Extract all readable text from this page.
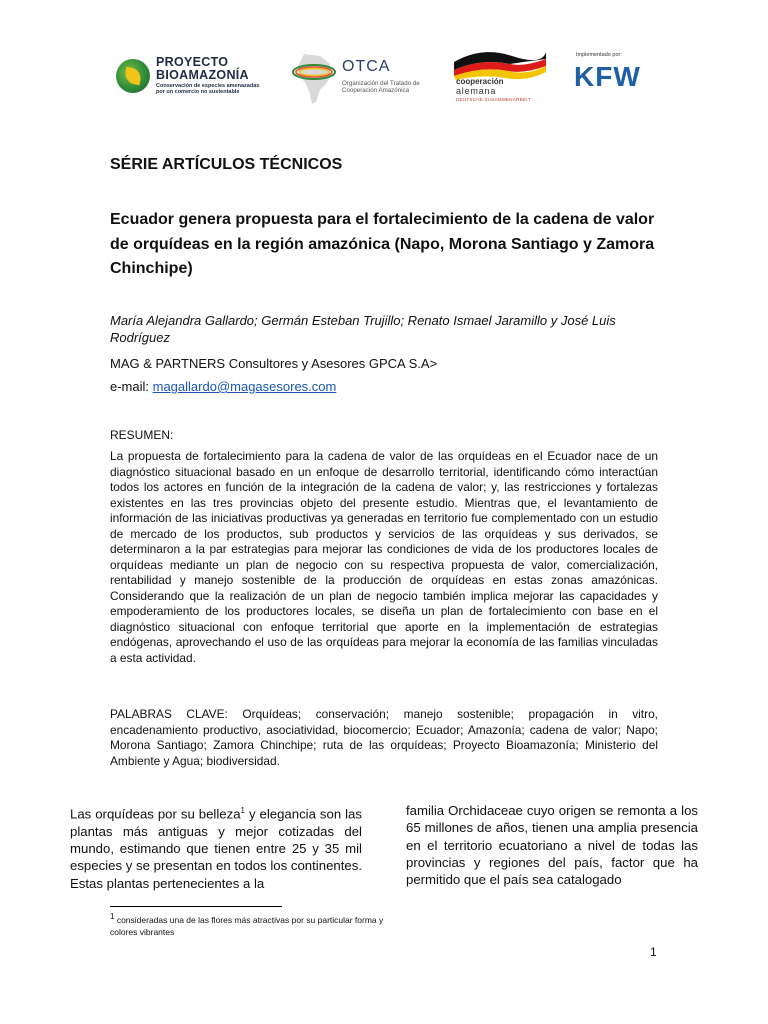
PROYECTO
BIOAMAZONÍA
Conservación de especies amenazadas por un comercio no sustentable
OTCA
Organización del Tratado de Cooperación Amazónica
cooperación
alemana
DEUTSCHE ZUSAMMENARBEIT
Implementado por:
KFW
SÉRIE ARTÍCULOS TÉCNICOS
Ecuador genera propuesta para el fortalecimiento de la cadena de valor de orquídeas en la región amazónica (Napo, Morona Santiago y Zamora Chinchipe)
María Alejandra Gallardo; Germán Esteban Trujillo; Renato Ismael Jaramillo y José Luis Rodríguez
MAG & PARTNERS Consultores y Asesores GPCA S.A>
e-mail: magallardo@magasesores.com
RESUMEN:
La propuesta de fortalecimiento para la cadena de valor de las orquídeas en el Ecuador nace de un diagnóstico situacional basado en un enfoque de desarrollo territorial, identificando cómo interactúan todos los actores en función de la integración de la cadena de valor; y, las restricciones y fortalezas existentes en las tres provincias objeto del presente estudio. Mientras que, el levantamiento de información de las iniciativas productivas ya generadas en territorio fue complementado con un estudio de mercado de los productos, sub productos y servicios de las orquídeas y sus derivados, se determinaron a la par estrategias para mejorar las condiciones de vida de los productores locales de orquídeas mediante un plan de negocio con su respectiva propuesta de valor, comercialización, rentabilidad y manejo sostenible de la producción de orquídeas en estas zonas amazónicas. Considerando que la realización de un plan de negocio también implica mejorar las capacidades y empoderamiento de los productores locales, se diseña un plan de fortalecimiento con base en el diagnóstico situacional con enfoque territorial que aporte en la implementación de estrategias endógenas, aprovechando el uso de las orquídeas para mejorar la economía de las familias vinculadas a esta actividad.
PALABRAS CLAVE: Orquídeas; conservación; manejo sostenible; propagación in vitro, encadenamiento productivo, asociatividad, biocomercio; Ecuador; Amazonía; cadena de valor; Napo; Morona Santiago; Zamora Chinchipe; ruta de las orquídeas; Proyecto Bioamazonía; Ministerio del Ambiente y Agua; biodiversidad.
Las orquídeas por su belleza$^1$ y elegancia son las plantas más antiguas y mejor cotizadas del mundo, estimando que tienen entre 25 y 35 mil especies y se presentan en todos los continentes. Estas plantas pertenecientes a la
familia Orchidaceae cuyo origen se remonta a los 65 millones de años, tienen una amplia presencia en el territorio ecuatoriano a nivel de todas las provincias y regiones del país, factor que ha permitido que el país sea catalogado
$^1$ consideradas una de las flores más atractivas por su particular forma y colores vibrantes
1
